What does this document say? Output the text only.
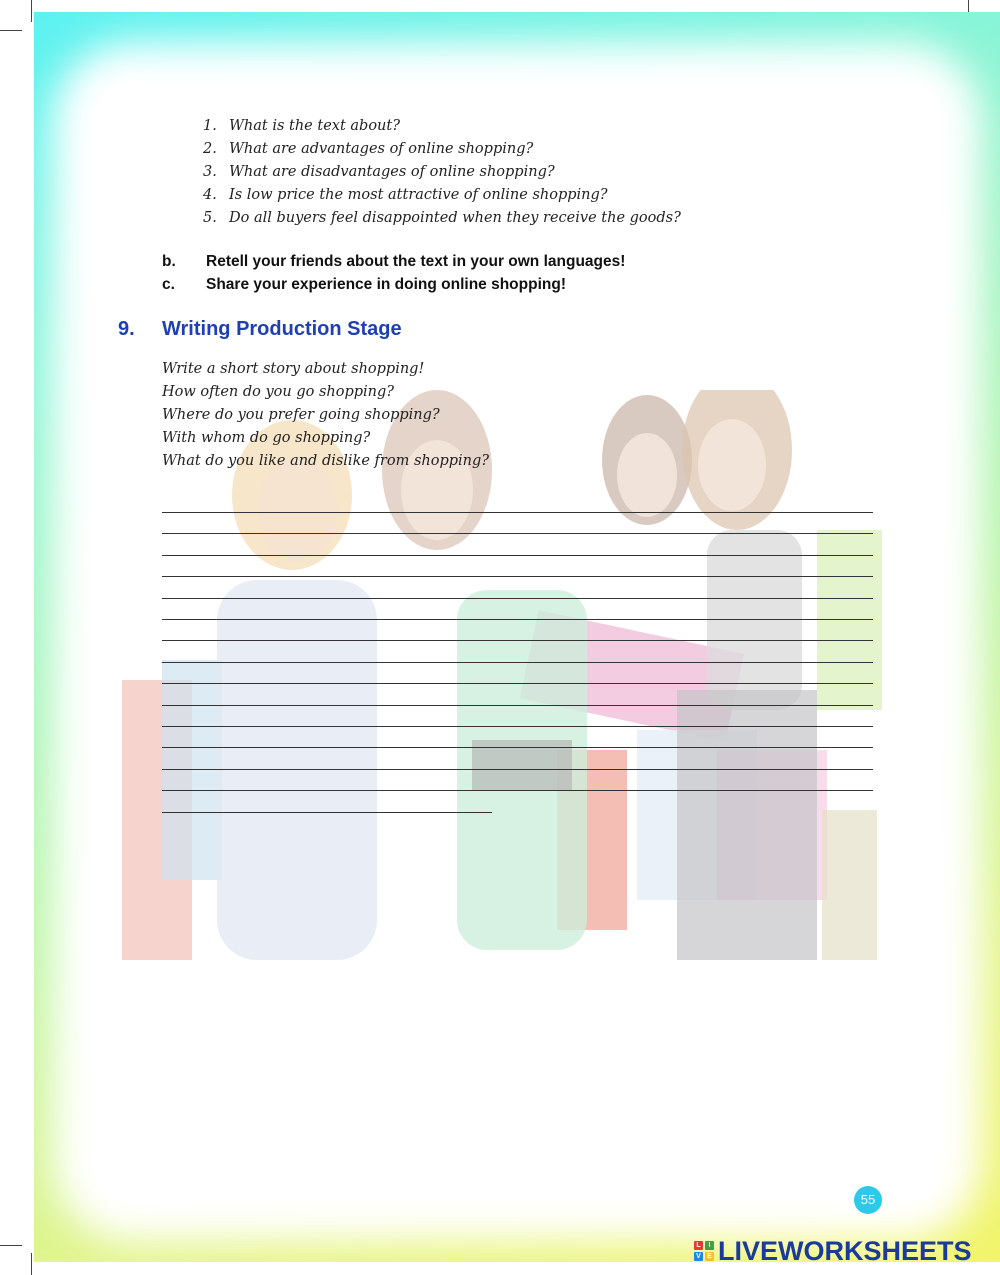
1. What is the text about?
2. What are advantages of online shopping?
3. What are disadvantages of online shopping?
4. Is low price the most attractive of online shopping?
5. Do all buyers feel disappointed when they receive the goods?
b. Retell your friends about the text in your own languages!
c. Share your experience in doing online shopping!
9. Writing Production Stage
Write a short story about shopping!
How often do you go shopping?
Where do you prefer going shopping?
With whom do go shopping?
What do you like and dislike from shopping?
55
L	I
V E LIVEWORKSHEETS
